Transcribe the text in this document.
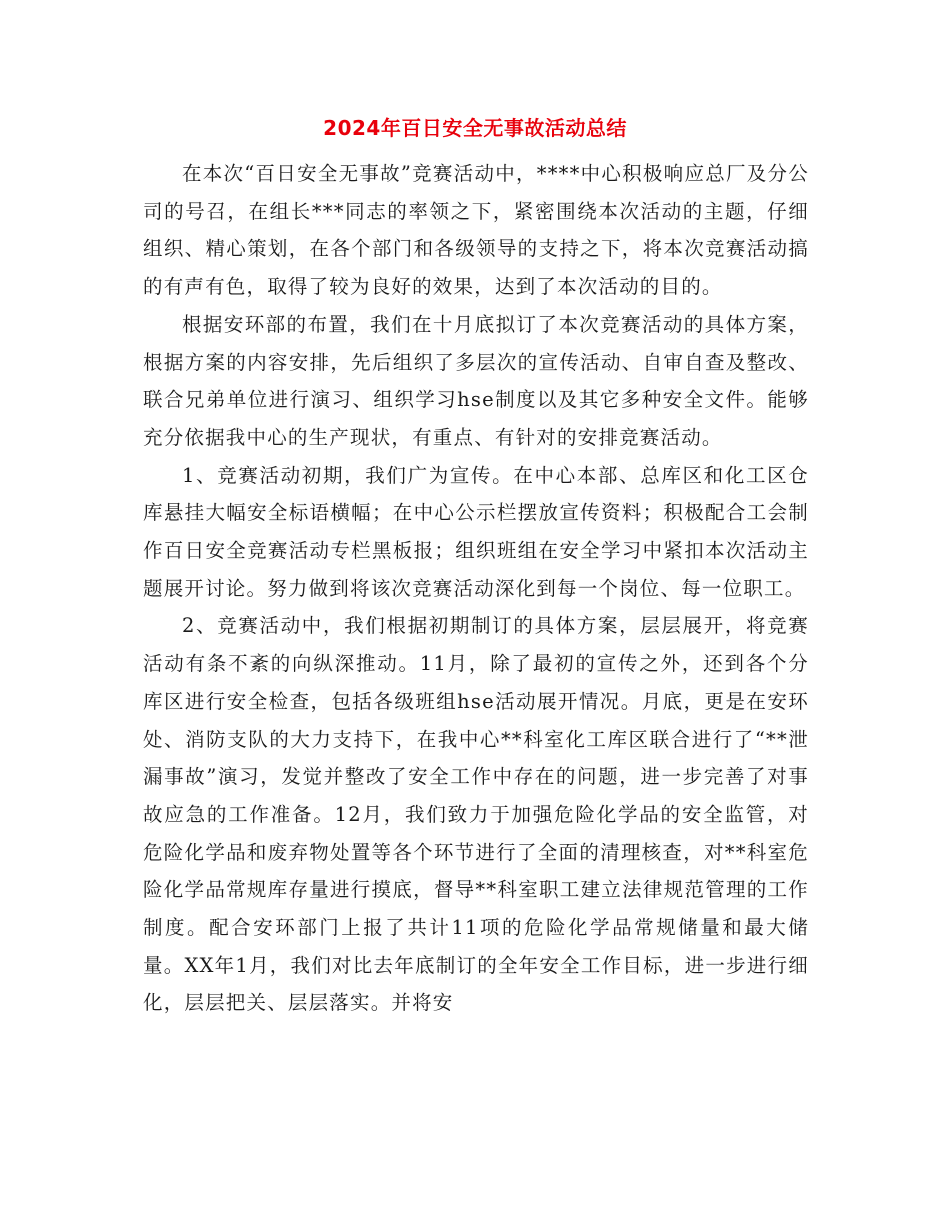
2024年百日安全无事故活动总结

在本次“百日安全无事故”竞赛活动中，****中心积极响应总厂及分公司的号召，在组长***同志的率领之下，紧密围绕本次活动的主题，仔细组织、精心策划，在各个部门和各级领导的支持之下，将本次竞赛活动搞的有声有色，取得了较为良好的效果，达到了本次活动的目的。

根据安环部的布置，我们在十月底拟订了本次竞赛活动的具体方案，根据方案的内容安排，先后组织了多层次的宣传活动、自审自查及整改、联合兄弟单位进行演习、组织学习hse制度以及其它多种安全文件。能够充分依据我中心的生产现状，有重点、有针对的安排竞赛活动。

1、竞赛活动初期，我们广为宣传。在中心本部、总库区和化工区仓库悬挂大幅安全标语横幅；在中心公示栏摆放宣传资料；积极配合工会制作百日安全竞赛活动专栏黑板报；组织班组在安全学习中紧扣本次活动主题展开讨论。努力做到将该次竞赛活动深化到每一个岗位、每一位职工。

2、竞赛活动中，我们根据初期制订的具体方案，层层展开，将竞赛活动有条不紊的向纵深推动。11月，除了最初的宣传之外，还到各个分库区进行安全检查，包括各级班组hse活动展开情况。月底，更是在安环处、消防支队的大力支持下，在我中心**科室化工库区联合进行了“**泄漏事故”演习，发觉并整改了安全工作中存在的问题，进一步完善了对事故应急的工作准备。12月，我们致力于加强危险化学品的安全监管，对危险化学品和废弃物处置等各个环节进行了全面的清理核查，对**科室危险化学品常规库存量进行摸底，督导**科室职工建立法律规范管理的工作制度。配合安环部门上报了共计11项的危险化学品常规储量和最大储量。XX年1月，我们对比去年底制订的全年安全工作目标，进一步进行细化，层层把关、层层落实。并将安
